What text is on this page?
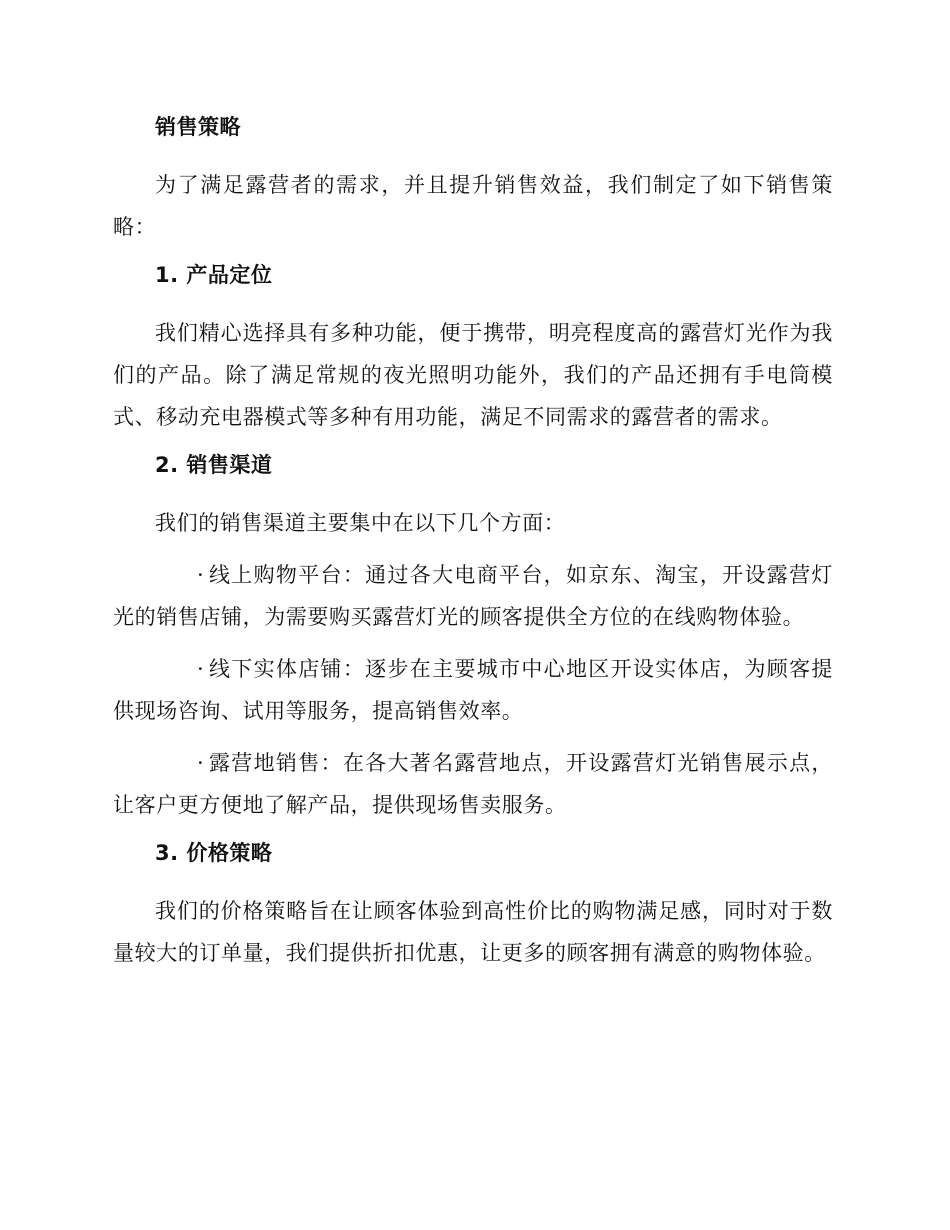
销售策略

为了满足露营者的需求，并且提升销售效益，我们制定了如下销售策略：

1. 产品定位

我们精心选择具有多种功能，便于携带，明亮程度高的露营灯光作为我们的产品。除了满足常规的夜光照明功能外，我们的产品还拥有手电筒模式、移动充电器模式等多种有用功能，满足不同需求的露营者的需求。

2. 销售渠道

我们的销售渠道主要集中在以下几个方面：

· 线上购物平台：通过各大电商平台，如京东、淘宝，开设露营灯光的销售店铺，为需要购买露营灯光的顾客提供全方位的在线购物体验。

· 线下实体店铺：逐步在主要城市中心地区开设实体店，为顾客提供现场咨询、试用等服务，提高销售效率。

· 露营地销售：在各大著名露营地点，开设露营灯光销售展示点，让客户更方便地了解产品，提供现场售卖服务。

3. 价格策略

我们的价格策略旨在让顾客体验到高性价比的购物满足感，同时对于数量较大的订单量，我们提供折扣优惠，让更多的顾客拥有满意的购物体验。
